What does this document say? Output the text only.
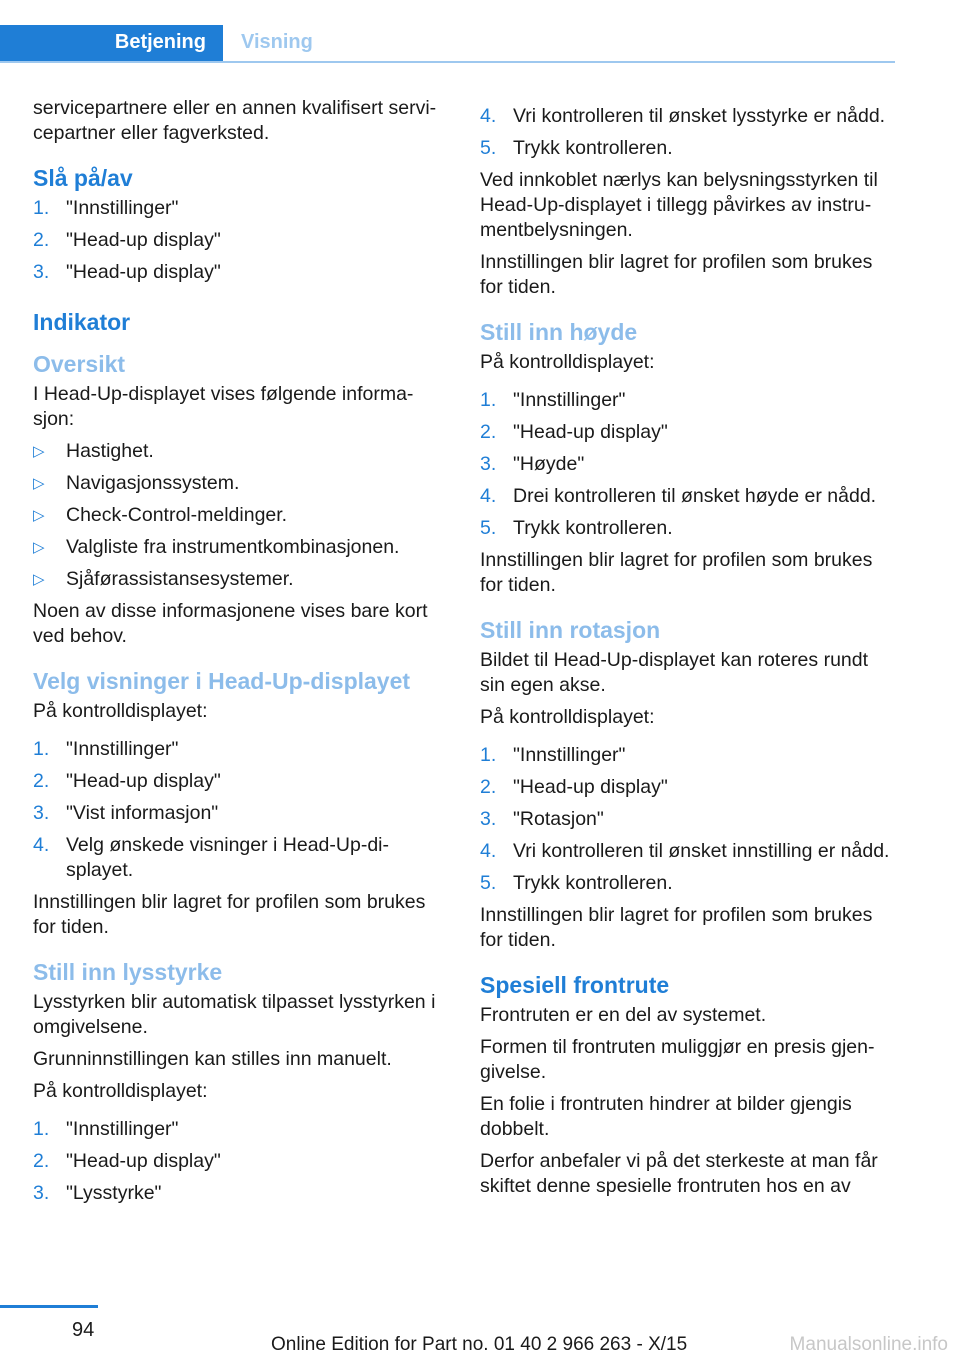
Betjening Visning

servicepartnere eller en annen kvalifisert servi-cepartner eller fagverksted.

Slå på/av
1. "Innstillinger"
2. "Head-up display"
3. "Head-up display"
Indikator
Oversikt

I Head-Up-displayet vises følgende informa-sjon:

▷ Hastighet.
▷ Navigasjonssystem.
▷ Check-Control-meldinger.
▷ Valgliste fra instrumentkombinasjonen.
▷ Sjåførassistansesystemer.

Noen av disse informasjonene vises bare kort ved behov.

Velg visninger i Head-Up-displayet

På kontrolldisplayet:

1. "Innstillinger"
2. "Head-up display"
3. "Vist informasjon"
4. Velg ønskede visninger i Head-Up-di-splayet.

Innstillingen blir lagret for profilen som brukes for tiden.

Still inn lysstyrke

Lysstyrken blir automatisk tilpasset lysstyrken i omgivelsene.

Grunninnstillingen kan stilles inn manuelt.

På kontrolldisplayet:

1. "Innstillinger"
2. "Head-up display"
3. "Lysstyrke"
4. Vri kontrolleren til ønsket lysstyrke er nådd.
5. Trykk kontrolleren.

Ved innkoblet nærlys kan belysningsstyrken til Head-Up-displayet i tillegg påvirkes av instru-mentbelysningen.

Innstillingen blir lagret for profilen som brukes for tiden.

Still inn høyde

På kontrolldisplayet:

1. "Innstillinger"
2. "Head-up display"
3. "Høyde"
4. Drei kontrolleren til ønsket høyde er nådd.
5. Trykk kontrolleren.

Innstillingen blir lagret for profilen som brukes for tiden.

Still inn rotasjon

Bildet til Head-Up-displayet kan roteres rundt sin egen akse.

På kontrolldisplayet:

1. "Innstillinger"
2. "Head-up display"
3. "Rotasjon"
4. Vri kontrolleren til ønsket innstilling er nådd.
5. Trykk kontrolleren.

Innstillingen blir lagret for profilen som brukes for tiden.

Spesiell frontrute

Frontruten er en del av systemet.

Formen til frontruten muliggjør en presis gjen-givelse.

En folie i frontruten hindrer at bilder gjengis dobbelt.

Derfor anbefaler vi på det sterkeste at man får skiftet denne spesielle frontruten hos en av

94
Online Edition for Part no. 01 40 2 966 263 - X/15	Manualsonline.info
